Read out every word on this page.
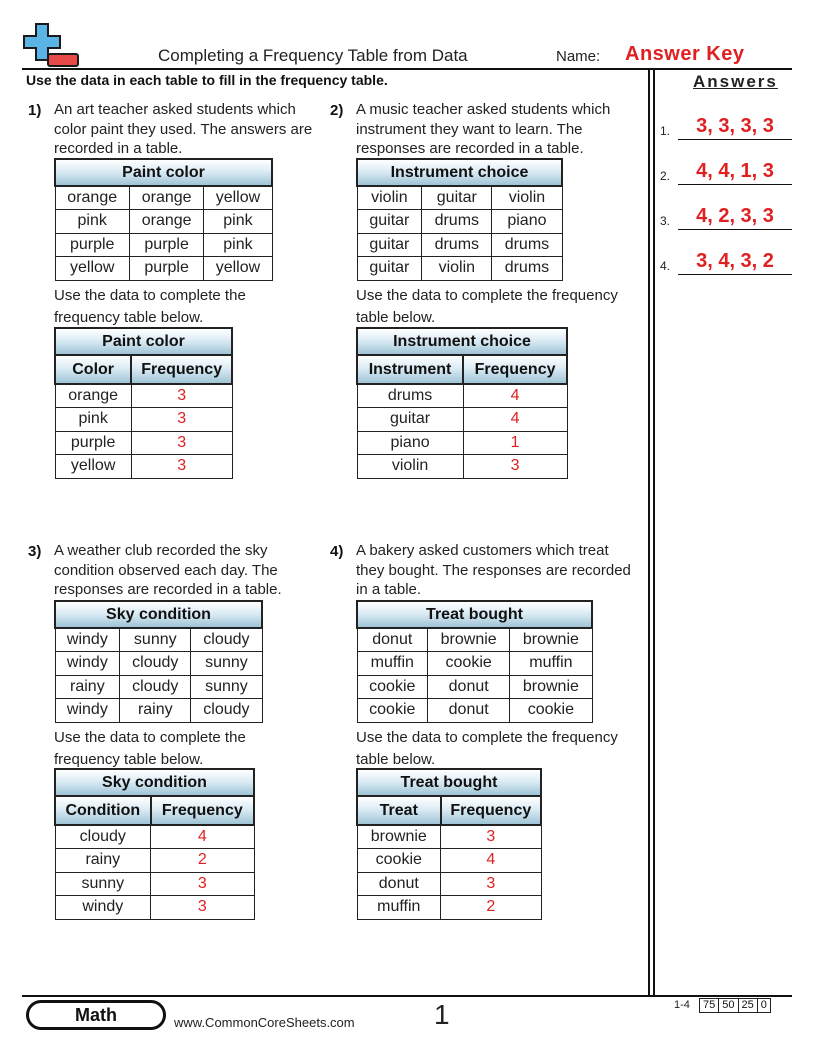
Completing a Frequency Table from Data	Name: Answer Key
Use the data in each table to fill in the frequency table.	Answers
1.	3, 3, 3, 3
2.	4, 4, 1, 3
3.	4, 2, 3, 3
4.	3, 4, 3, 2
1) An art teacher asked students which
color paint they used. The answers are
recorded in a table.
Paint color		
orange	orange	yellow
pink	orange	pink
purple	purple	pink
yellow	purple	yellow
Use the data to complete the
frequency table below.
Paint color	
Color	Frequency
orange	3
pink	3
purple	3
yellow	3
2) A music teacher asked students which
instrument they want to learn. The
responses are recorded in a table.
Instrument choice		
violin	guitar	violin
guitar	drums	piano
guitar	drums	drums
guitar	violin	drums
Use the data to complete the frequency
table below.
Instrument choice	
Instrument	Frequency
drums	4
guitar	4
piano	1
violin	3
3) A weather club recorded the sky
condition observed each day. The
responses are recorded in a table.
Sky condition		
windy	sunny	cloudy
windy	cloudy	sunny
rainy	cloudy	sunny
windy	rainy	cloudy
Use the data to complete the
frequency table below.
Sky condition	
Condition	Frequency
cloudy	4
rainy	2
sunny	3
windy	3
4) A bakery asked customers which treat
they bought. The responses are recorded
in a table.
Treat bought		
donut	brownie	brownie
muffin	cookie	muffin
cookie	donut	brownie
cookie	donut	cookie
Use the data to complete the frequency
table below.
Treat bought	
Treat	Frequency
brownie	3
cookie	4
donut	3
muffin	2
Math	www.CommonCoreSheets.com	1	1-4	75 50 25 0
